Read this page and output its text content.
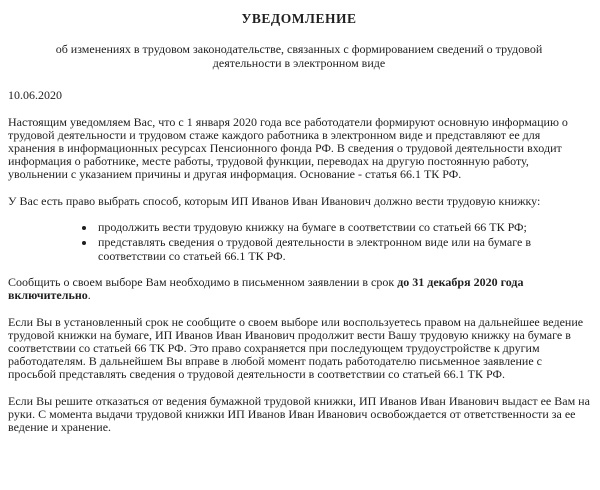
УВЕДОМЛЕНИЕ
об изменениях в трудовом законодательстве, связанных с формированием сведений о трудовой деятельности в электронном виде
10.06.2020

Настоящим уведомляем Вас, что с 1 января 2020 года все работодатели формируют основную информацию о трудовой деятельности и трудовом стаже каждого работника в электронном виде и представляют ее для хранения в информационных ресурсах Пенсионного фонда РФ. В сведения о трудовой деятельности входит информация о работнике, месте работы, трудовой функции, переводах на другую постоянную работу, увольнении с указанием причины и другая информация. Основание - статья 66.1 ТК РФ.

У Вас есть право выбрать способ, которым ИП Иванов Иван Иванович должно вести трудовую книжку:

• продолжить вести трудовую книжку на бумаге в соответствии со статьей 66 ТК РФ;
• представлять сведения о трудовой деятельности в электронном виде или на бумаге в соответствии со статьей 66.1 ТК РФ.

Сообщить о своем выборе Вам необходимо в письменном заявлении в срок до 31 декабря 2020 года включительно.

Если Вы в установленный срок не сообщите о своем выборе или воспользуетесь правом на дальнейшее ведение трудовой книжки на бумаге, ИП Иванов Иван Иванович продолжит вести Вашу трудовую книжку на бумаге в соответствии со статьей 66 ТК РФ. Это право сохраняется при последующем трудоустройстве к другим работодателям. В дальнейшем Вы вправе в любой момент подать работодателю письменное заявление с просьбой представлять сведения о трудовой деятельности в соответствии со статьей 66.1 ТК РФ.

Если Вы решите отказаться от ведения бумажной трудовой книжки, ИП Иванов Иван Иванович выдаст ее Вам на руки. С момента выдачи трудовой книжки ИП Иванов Иван Иванович освобождается от ответственности за ее ведение и хранение.
